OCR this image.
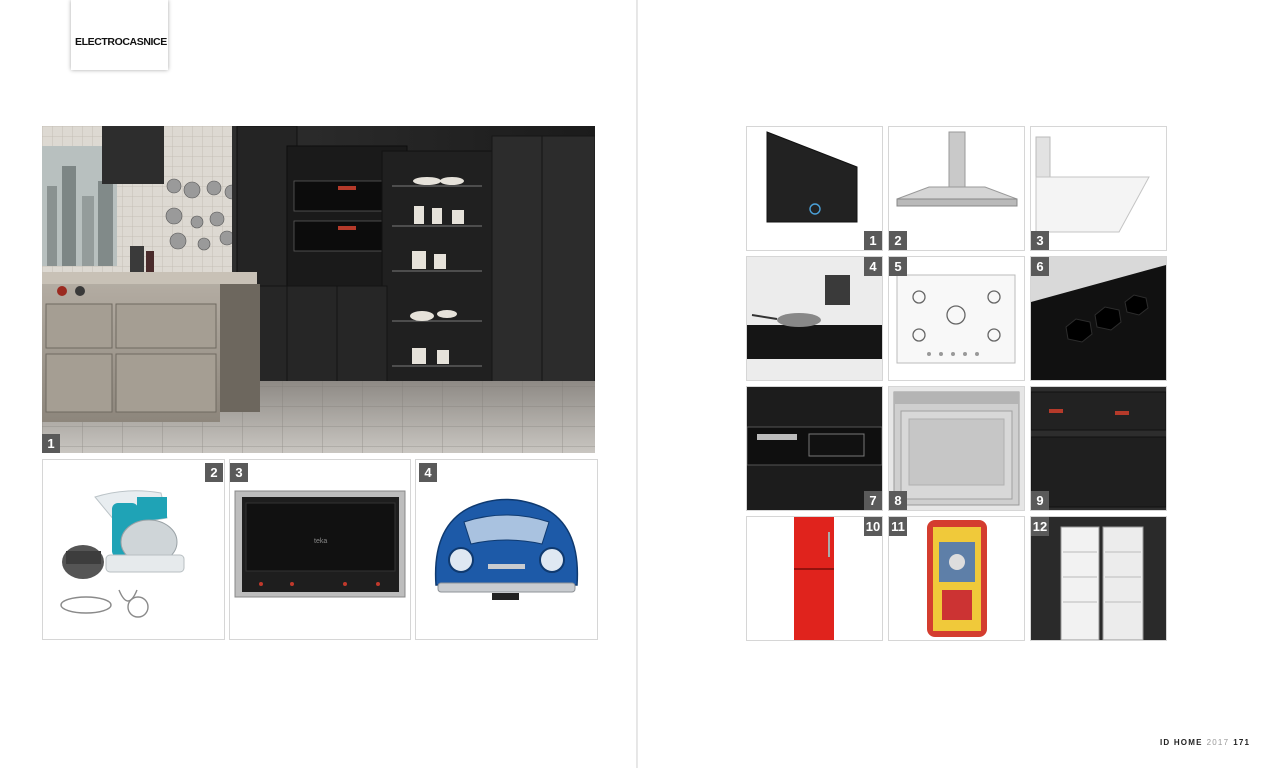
ELECTROCASNICE
1
2
teka
3	4
1	2	3
4	5	6
7	8	9
10 11	12
ID HOME 2017 171
